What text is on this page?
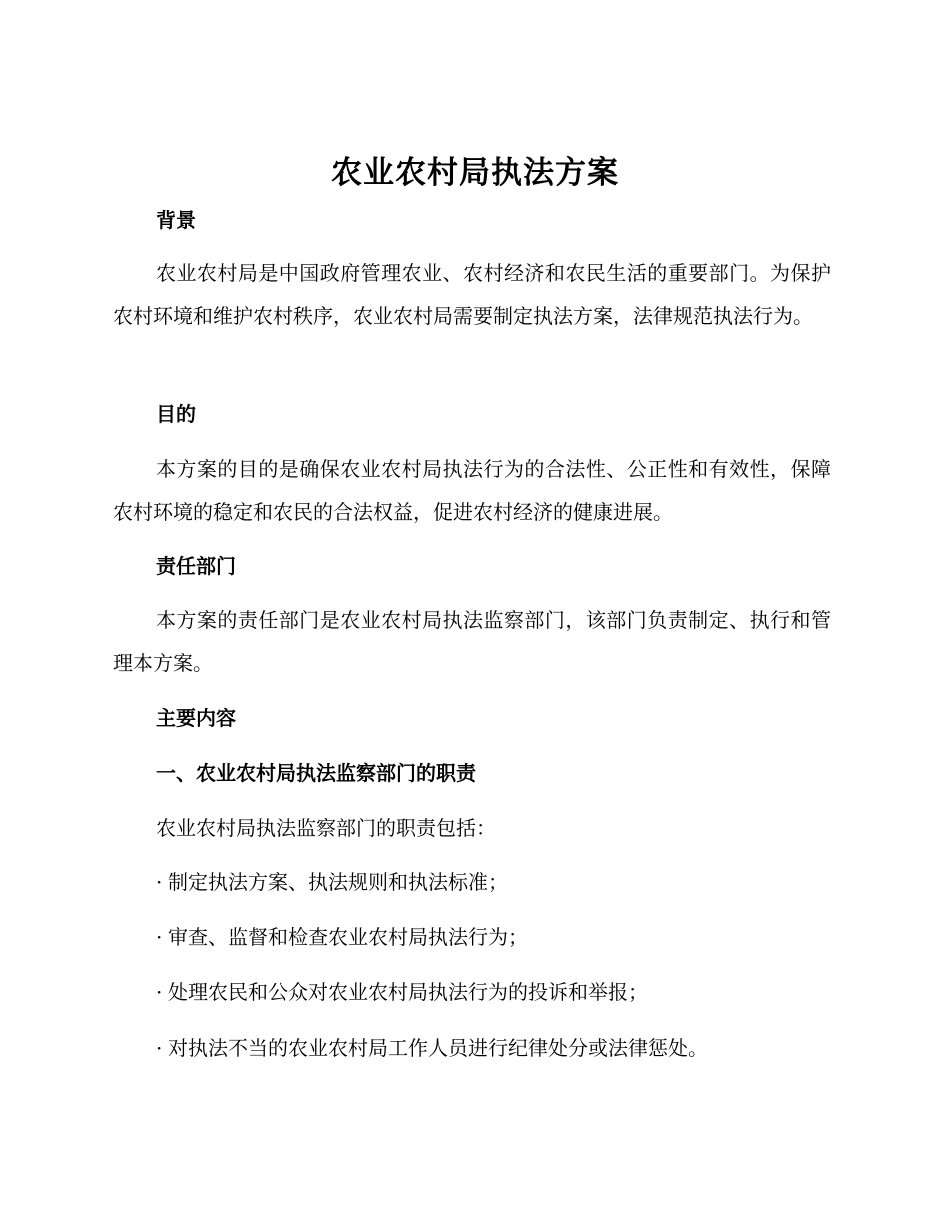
农业农村局执法方案
背景
农业农村局是中国政府管理农业、农村经济和农民生活的重要部门。为保护农村环境和维护农村秩序，农业农村局需要制定执法方案，法律规范执法行为。
目的
本方案的目的是确保农业农村局执法行为的合法性、公正性和有效性，保障农村环境的稳定和农民的合法权益，促进农村经济的健康进展。
责任部门
本方案的责任部门是农业农村局执法监察部门，该部门负责制定、执行和管理本方案。
主要内容
一、农业农村局执法监察部门的职责
农业农村局执法监察部门的职责包括：
· 制定执法方案、执法规则和执法标准；
· 审查、监督和检查农业农村局执法行为；
· 处理农民和公众对农业农村局执法行为的投诉和举报；
· 对执法不当的农业农村局工作人员进行纪律处分或法律惩处。
